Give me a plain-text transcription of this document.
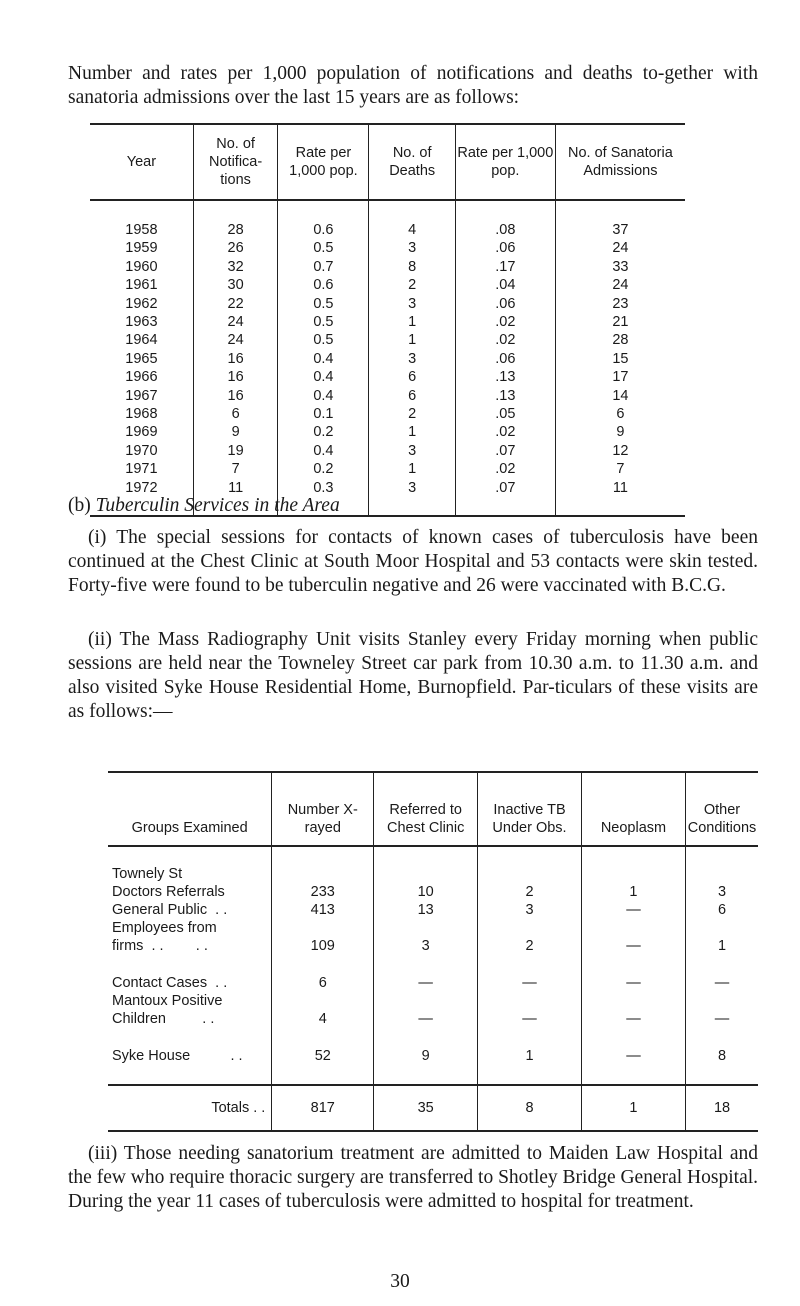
Number and rates per 1,000 population of notifications and deaths to-gether with sanatoria admissions over the last 15 years are as follows:

Year	No. of Notifica-tions	Rate per 1,000 pop.	No. of Deaths	Rate per 1,000 pop.	No. of Sanatoria Admissions
1958	28	0.6	4	.08	37
1959	26	0.5	3	.06	24
1960	32	0.7	8	.17	33
1961	30	0.6	2	.04	24
1962	22	0.5	3	.06	23
1963	24	0.5	1	.02	21
1964	24	0.5	1	.02	28
1965	16	0.4	3	.06	15
1966	16	0.4	6	.13	17
1967	16	0.4	6	.13	14
1968	6	0.1	2	.05	6
1969	9	0.2	1	.02	9
1970	19	0.4	3	.07	12
1971	7	0.2	1	.02	7
1972	11	0.3	3	.07	11

(b) Tuberculin Services in the Area

(i) The special sessions for contacts of known cases of tuberculosis have been continued at the Chest Clinic at South Moor Hospital and 53 contacts were skin tested. Forty-five were found to be tuberculin negative and 26 were vaccinated with B.C.G.

(ii) The Mass Radiography Unit visits Stanley every Friday morning when public sessions are held near the Towneley Street car park from 10.30 a.m. to 11.30 a.m. and also visited Syke House Residential Home, Burnopfield. Par-ticulars of these visits are as follows:—

Groups Examined	Number X-rayed	Referred to Chest Clinic	Inactive TB Under Obs.	Neoplasm	Other Conditions
Townely St					
Doctors Referrals	233	10	2	1	3
General Public  . .	413	13	3	—	6
Employees from					
firms  . .        . .	109	3	2	—	1

Contact Cases  . .	6	—	—	—	—
Mantoux Positive					
Children         . .	4	—	—	—	—

Syke House          . .	52	9	1	—	8

Totals . .	817	35	8	1	18

(iii) Those needing sanatorium treatment are admitted to Maiden Law Hospital and the few who require thoracic surgery are transferred to Shotley Bridge General Hospital. During the year 11 cases of tuberculosis were admitted to hospital for treatment.

30
